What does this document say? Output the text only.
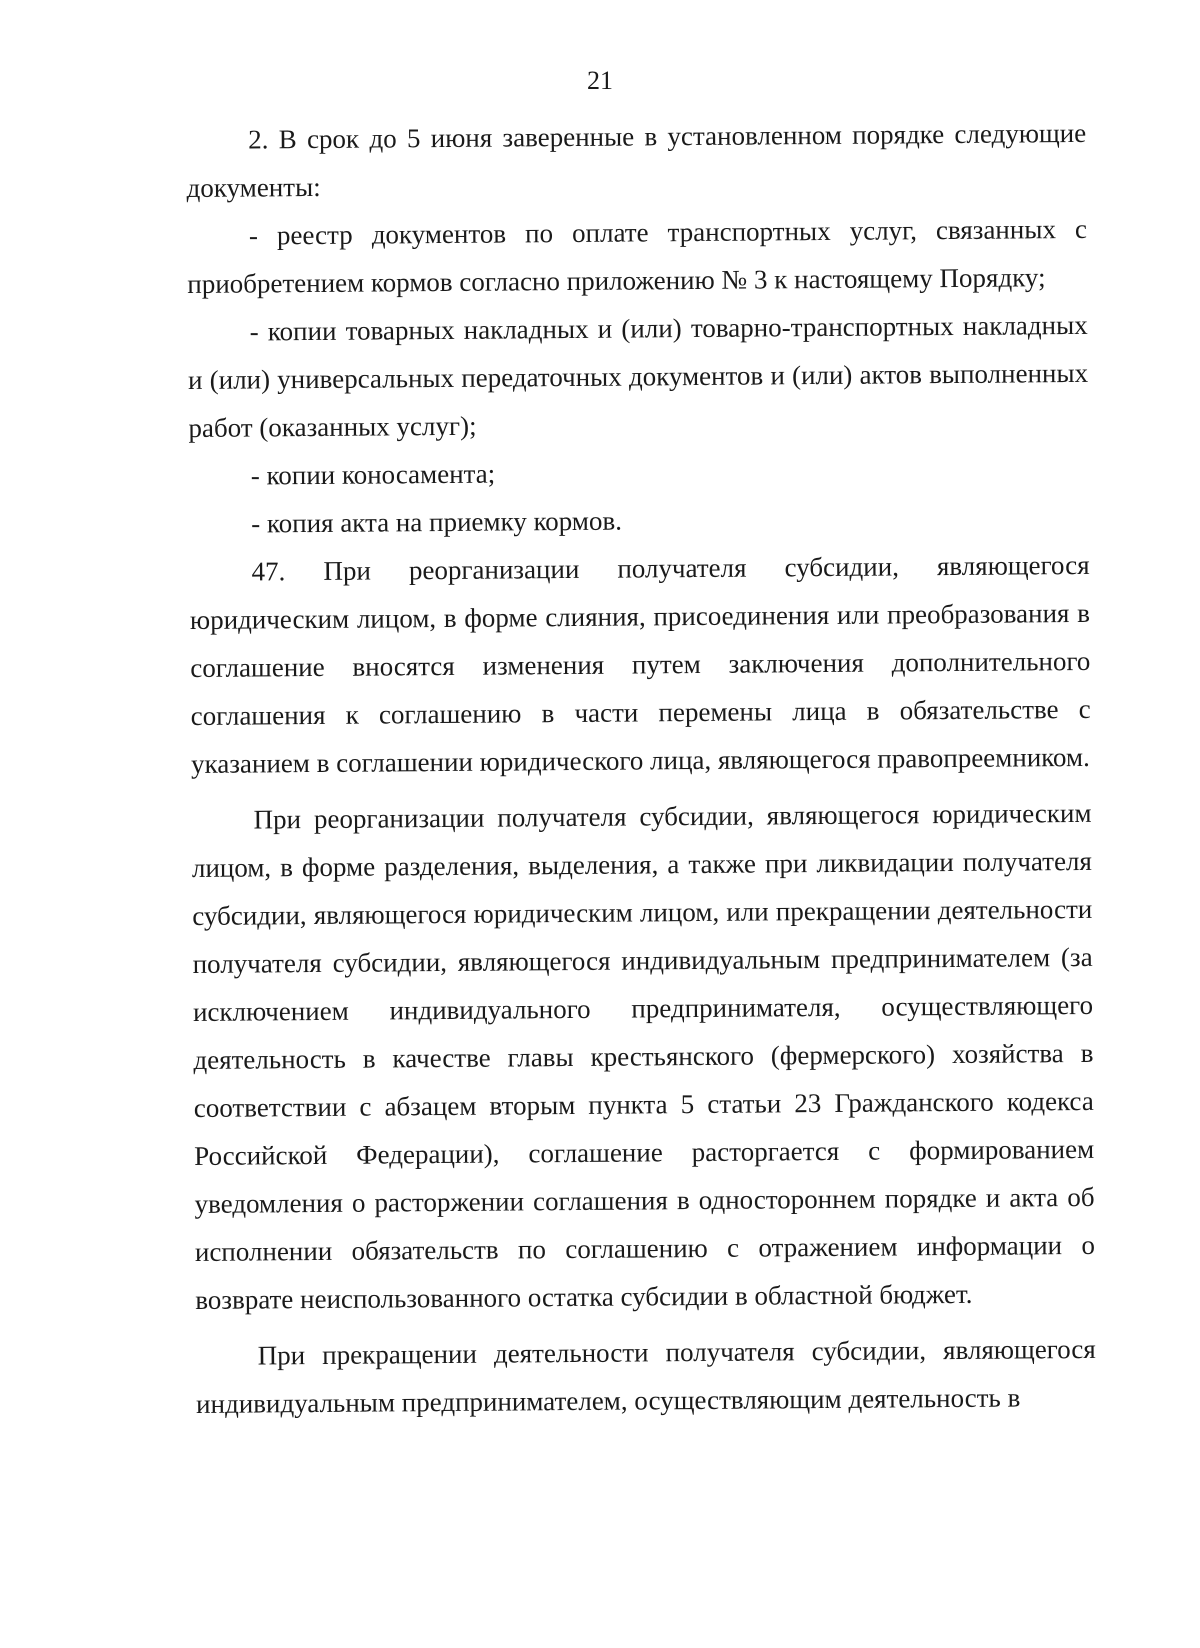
21

2. В срок до 5 июня заверенные в установленном порядке следующие документы:

- реестр документов по оплате транспортных услуг, связанных с приобретением кормов согласно приложению № 3 к настоящему Порядку;

- копии товарных накладных и (или) товарно-транспортных накладных и (или) универсальных передаточных документов и (или) актов выполненных работ (оказанных услуг);

- копии коносамента;

- копия акта на приемку кормов.

47. При реорганизации получателя субсидии, являющегося юридическим лицом, в форме слияния, присоединения или преобразования в соглашение вносятся изменения путем заключения дополнительного соглашения к соглашению в части перемены лица в обязательстве с указанием в соглашении юридического лица, являющегося правопреемником.

При реорганизации получателя субсидии, являющегося юридическим лицом, в форме разделения, выделения, а также при ликвидации получателя субсидии, являющегося юридическим лицом, или прекращении деятельности получателя субсидии, являющегося индивидуальным предпринимателем (за исключением индивидуального предпринимателя, осуществляющего деятельность в качестве главы крестьянского (фермерского) хозяйства в соответствии с абзацем вторым пункта 5 статьи 23 Гражданского кодекса Российской Федерации), соглашение расторгается с формированием уведомления о расторжении соглашения в одностороннем порядке и акта об исполнении обязательств по соглашению с отражением информации о возврате неиспользованного остатка субсидии в областной бюджет.

При прекращении деятельности получателя субсидии, являющегося индивидуальным предпринимателем, осуществляющим деятельность в
